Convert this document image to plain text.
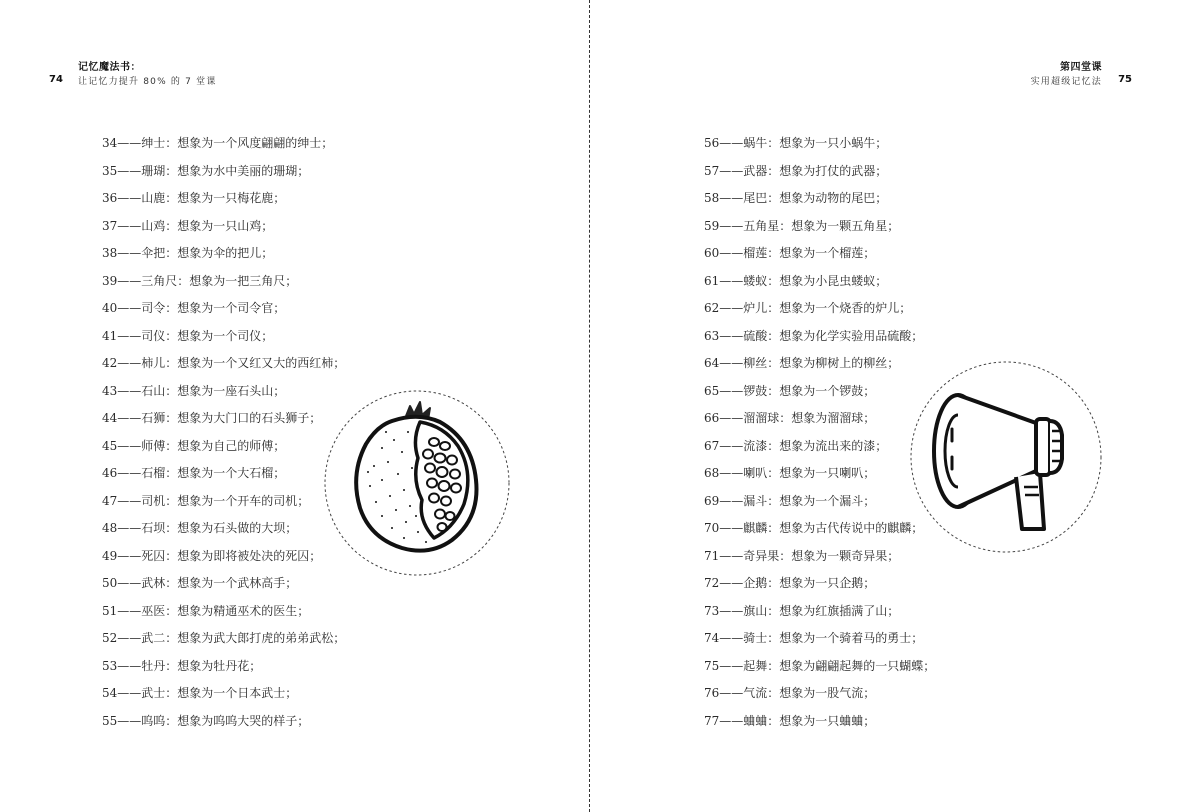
记忆魔法书：
74 让记忆力提升 80% 的 7 堂课
34——绅士：想象为一个风度翩翩的绅士；
35——珊瑚：想象为水中美丽的珊瑚；
36——山鹿：想象为一只梅花鹿；
37——山鸡：想象为一只山鸡；
38——伞把：想象为伞的把儿；
39——三角尺：想象为一把三角尺；
40——司令：想象为一个司令官；
41——司仪：想象为一个司仪；
42——柿儿：想象为一个又红又大的西红柿；
43——石山：想象为一座石头山；
44——石狮：想象为大门口的石头狮子；
45——师傅：想象为自己的师傅；
46——石榴：想象为一个大石榴；
47——司机：想象为一个开车的司机；
48——石坝：想象为石头做的大坝；
49——死囚：想象为即将被处决的死囚；
50——武林：想象为一个武林高手；
51——巫医：想象为精通巫术的医生；
52——武二：想象为武大郎打虎的弟弟武松；
53——牡丹：想象为牡丹花；
54——武士：想象为一个日本武士；
55——呜呜：想象为呜呜大哭的样子；
第四堂课
实用超级记忆法 75
56——蜗牛：想象为一只小蜗牛；
57——武器：想象为打仗的武器；
58——尾巴：想象为动物的尾巴；
59——五角星：想象为一颗五角星；
60——榴莲：想象为一个榴莲；
61——蝼蚁：想象为小昆虫蝼蚁；
62——炉儿：想象为一个烧香的炉儿；
63——硫酸：想象为化学实验用品硫酸；
64——柳丝：想象为柳树上的柳丝；
65——锣鼓：想象为一个锣鼓；
66——溜溜球：想象为溜溜球；
67——流漆：想象为流出来的漆；
68——喇叭：想象为一只喇叭；
69——漏斗：想象为一个漏斗；
70——麒麟：想象为古代传说中的麒麟；
71——奇异果：想象为一颗奇异果；
72——企鹅：想象为一只企鹅；
73——旗山：想象为红旗插满了山；
74——骑士：想象为一个骑着马的勇士；
75——起舞：想象为翩翩起舞的一只蝴蝶；
76——气流：想象为一股气流；
77——蛐蛐：想象为一只蛐蛐；
